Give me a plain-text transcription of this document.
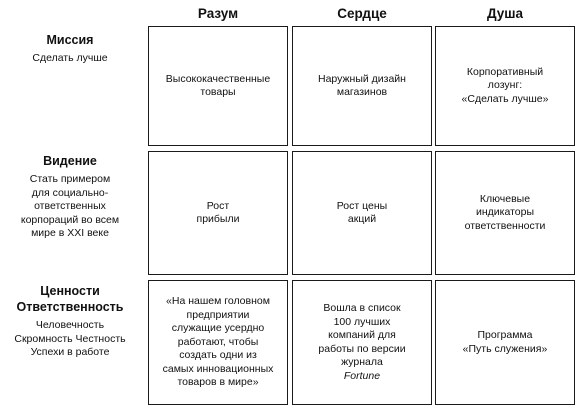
Разум	Сердце	Душа
Миссия
Сделать лучше
Видение
Стать примером
для социально-
ответственных
корпораций во всем
мире в XXI веке
Ценности
Ответственность
Человечность
Скромность Честность
Успехи в работе
Высококачественные
товары
Наружный дизайн
магазинов
Корпоративный
лозунг:
«Сделать лучше»
Рост
прибыли
Рост цены
акций
Ключевые
индикаторы
ответственности
«На нашем головном
предприятии
служащие усердно
работают, чтобы
создать одни из
самых инновационных
товаров в мире»
Вошла в список
100 лучших
компаний для
работы по версии
журнала
Fortune
Программа
«Путь служения»
